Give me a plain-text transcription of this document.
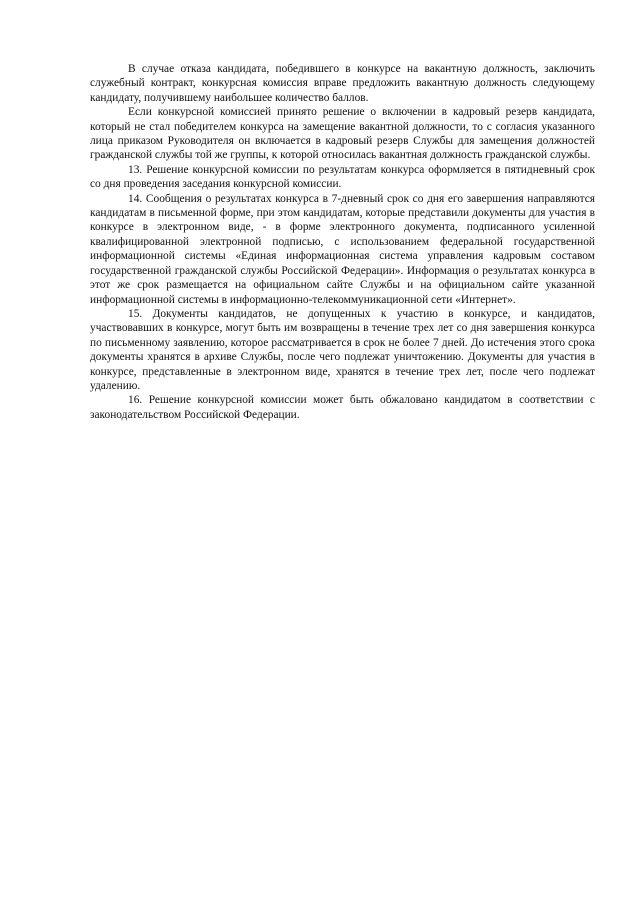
В случае отказа кандидата, победившего в конкурсе на вакантную должность, заключить служебный контракт, конкурсная комиссия вправе предложить вакантную должность следующему кандидату, получившему наибольшее количество баллов.

Если конкурсной комиссией принято решение о включении в кадровый резерв кандидата, который не стал победителем конкурса на замещение вакантной должности, то с согласия указанного лица приказом Руководителя он включается в кадровый резерв Службы для замещения должностей гражданской службы той же группы, к которой относилась вакантная должность гражданской службы.

13. Решение конкурсной комиссии по результатам конкурса оформляется в пятидневный срок со дня проведения заседания конкурсной комиссии.

14. Сообщения о результатах конкурса в 7-дневный срок со дня его завершения направляются кандидатам в письменной форме, при этом кандидатам, которые представили документы для участия в конкурсе в электронном виде, - в форме электронного документа, подписанного усиленной квалифицированной электронной подписью, с использованием федеральной государственной информационной системы «Единая информационная система управления кадровым составом государственной гражданской службы Российской Федерации». Информация о результатах конкурса в этот же срок размещается на официальном сайте Службы и на официальном сайте указанной информационной системы в информационно-телекоммуникационной сети «Интернет».

15. Документы кандидатов, не допущенных к участию в конкурсе, и кандидатов, участвовавших в конкурсе, могут быть им возвращены в течение трех лет со дня завершения конкурса по письменному заявлению, которое рассматривается в срок не более 7 дней. До истечения этого срока документы хранятся в архиве Службы, после чего подлежат уничтожению. Документы для участия в конкурсе, представленные в электронном виде, хранятся в течение трех лет, после чего подлежат удалению.

16. Решение конкурсной комиссии может быть обжаловано кандидатом в соответствии с законодательством Российской Федерации.
